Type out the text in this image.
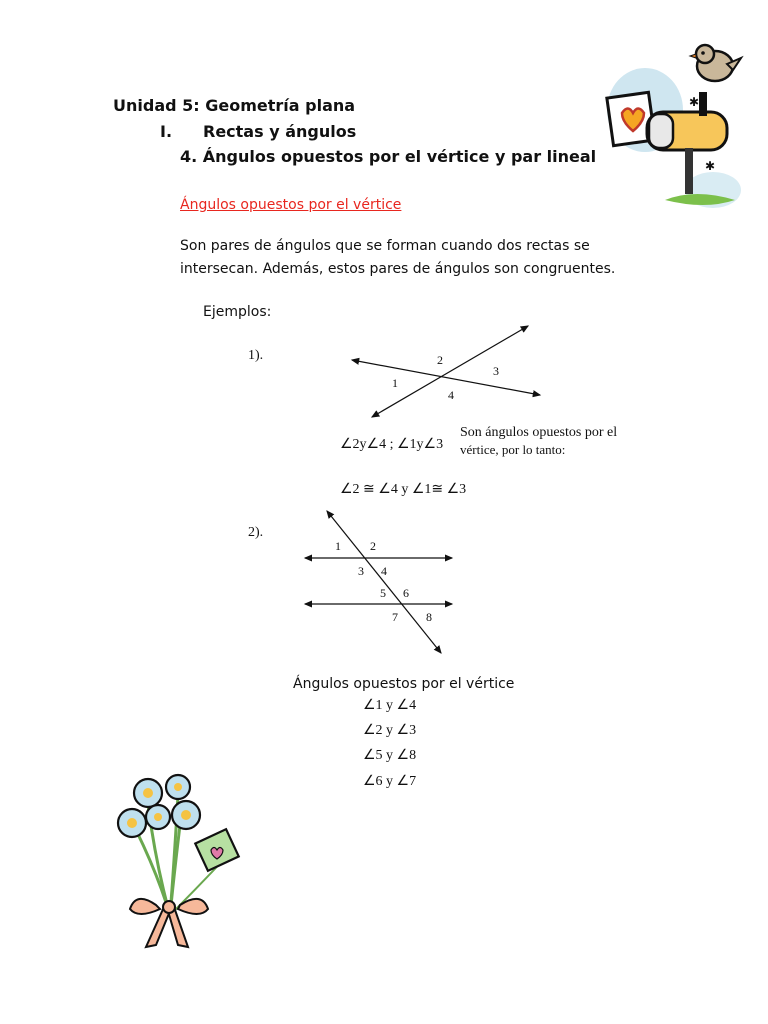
Unidad 5: Geometría plana
I. Rectas y ángulos
4. Ángulos opuestos por el vértice y par lineal
Ángulos opuestos por el vértice
Son pares de ángulos que se forman cuando dos rectas se
intersecan. Además, estos pares de ángulos son congruentes.
Ejemplos:
1).
1
2
3
4
∠2y∠4 ; ∠1y∠3
Son ángulos opuestos por el
vértice, por lo tanto:
∠2 ≅ ∠4 y ∠1≅ ∠3
2).
1 2
3 4
5 6
7 8
Ángulos opuestos por el vértice
∠1 y ∠4
∠2 y ∠3
∠5 y ∠8
∠6 y ∠7
✱
✱
